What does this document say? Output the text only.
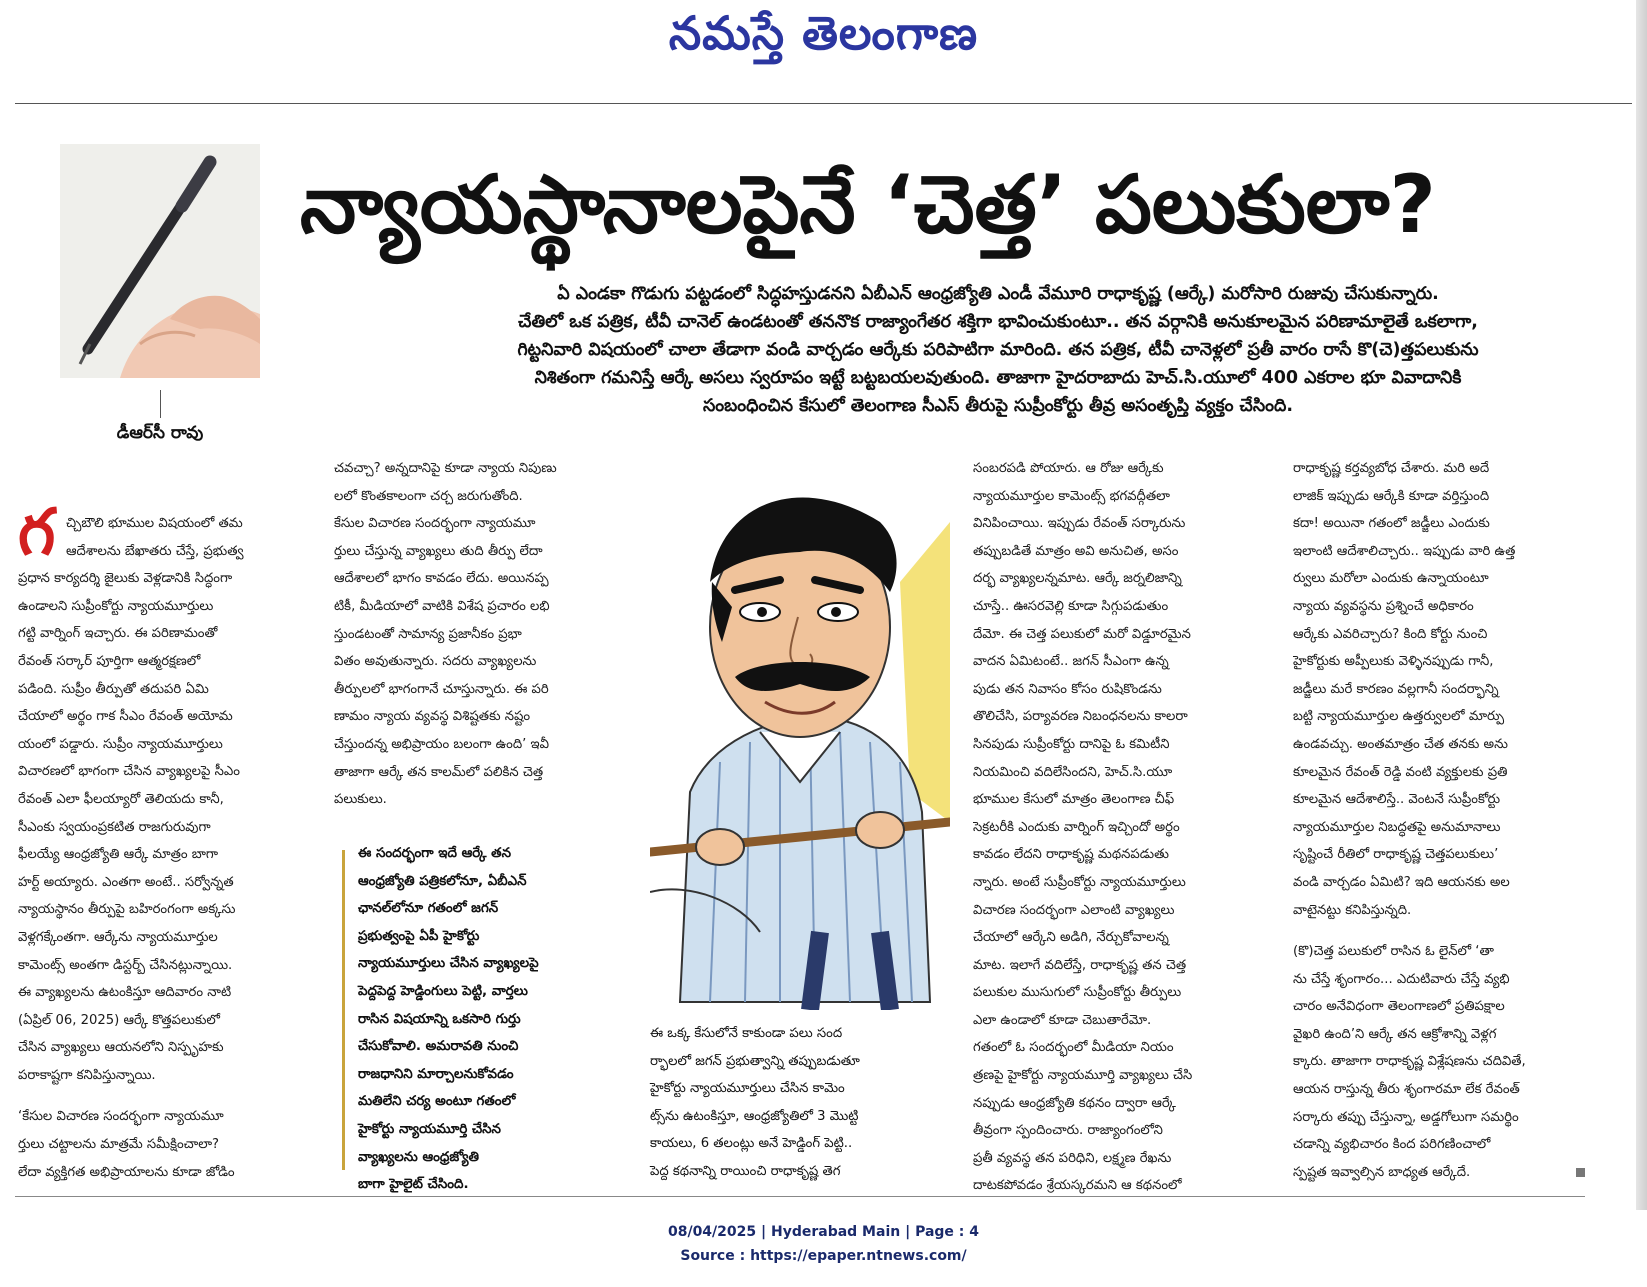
నమస్తే తెలంగాణ
న్యాయస్థానాలపైనే ‘చెత్త’ పలుకులా?
ఏ ఎండకా గొడుగు పట్టడంలో సిద్ధహస్తుడనని ఏబీఎన్ ఆంధ్రజ్యోతి ఎండీ వేమూరి రాధాకృష్ణ (ఆర్కే) మరోసారి రుజువు చేసుకున్నారు.
చేతిలో ఒక పత్రిక, టీవీ చానెల్ ఉండటంతో తననొక రాజ్యాంగేతర శక్తిగా భావించుకుంటూ.. తన వర్గానికి అనుకూలమైన పరిణామాలైతే ఒకలాగా,
గిట్టనివారి విషయంలో చాలా తేడాగా వండి వార్చడం ఆర్కేకు పరిపాటిగా మారింది. తన పత్రిక, టీవీ చానెళ్లలో ప్రతీ వారం రాసే కొ(చె)త్తపలుకును
నిశితంగా గమనిస్తే ఆర్కే అసలు స్వరూపం ఇట్టే బట్టబయలవుతుంది. తాజాగా హైదరాబాదు హెచ్.సి.యూలో 400 ఎకరాల భూ వివాదానికి
సంబంధించిన కేసులో తెలంగాణ సీఎస్ తీరుపై సుప్రీంకోర్టు తీవ్ర అసంతృప్తి వ్యక్తం చేసింది.
డీఆర్‌సీ రావు
గ చ్చిబౌలి భూముల విషయంలో తమ

ఆదేశాలను బేఖాతరు చేస్తే, ప్రభుత్వ

ప్రధాన కార్యదర్శి జైలుకు వెళ్లడానికి సిద్ధంగా

ఉండాలని సుప్రీంకోర్టు న్యాయమూర్తులు

గట్టి వార్నింగ్ ఇచ్చారు. ఈ పరిణామంతో

రేవంత్ సర్కార్ పూర్తిగా ఆత్మరక్షణలో

పడింది. సుప్రీం తీర్పుతో తదుపరి ఏమి

చేయాలో అర్థం గాక సీఎం రేవంత్ అయోమ

యంలో పడ్డారు. సుప్రీం న్యాయమూర్తులు

విచారణలో భాగంగా చేసిన వ్యాఖ్యలపై సీఎం

రేవంత్ ఎలా ఫీలయ్యారో తెలియదు కానీ,

సీఎంకు స్వయంప్రకటిత రాజగురువుగా

ఫీలయ్యే ఆంధ్రజ్యోతి ఆర్కే మాత్రం బాగా

హర్ట్ అయ్యారు. ఎంతగా అంటే.. సర్వోన్నత

న్యాయస్థానం తీర్పుపై బహిరంగంగా అక్కసు

వెళ్లగక్కేంతగా. ఆర్కేను న్యాయమూర్తుల

కామెంట్స్ అంతగా డిస్టర్బ్ చేసినట్లున్నాయి.

ఈ వ్యాఖ్యలను ఉటంకిస్తూ ఆదివారం నాటి

(ఏప్రిల్ 06, 2025) ఆర్కే కొత్తపలుకులో

చేసిన వ్యాఖ్యలు ఆయనలోని నిస్పృహకు

పరాకాష్టగా కనిపిస్తున్నాయి.

‘కేసుల విచారణ సందర్భంగా న్యాయమూ

ర్తులు చట్టాలను మాత్రమే సమీక్షించాలా?

లేదా వ్యక్తిగత అభిప్రాయాలను కూడా జోడిం

చవచ్చా? అన్నదానిపై కూడా న్యాయ నిపుణు

లలో కొంతకాలంగా చర్చ జరుగుతోంది.

కేసుల విచారణ సందర్భంగా న్యాయమూ

ర్తులు చేస్తున్న వ్యాఖ్యలు తుది తీర్పు లేదా

ఆదేశాలలో భాగం కావడం లేదు. అయినప్ప

టికీ, మీడియాలో వాటికి విశేష ప్రచారం లభి

స్తుండటంతో సామాన్య ప్రజానీకం ప్రభా

వితం అవుతున్నారు. సదరు వ్యాఖ్యలను

తీర్పులలో భాగంగానే చూస్తున్నారు. ఈ పరి

ణామం న్యాయ వ్యవస్థ విశిష్టతకు నష్టం

చేస్తుందన్న అభిప్రాయం బలంగా ఉంది’ ఇవీ

తాజాగా ఆర్కే తన కాలమ్‌లో పలికిన చెత్త

పలుకులు.

ఈ సందర్భంగా ఇదే ఆర్కే తన

ఆంధ్రజ్యోతి పత్రికలోనూ, ఏబీఎన్

ఛానల్‌లోనూ గతంలో జగన్

ప్రభుత్వంపై ఏపీ హైకోర్టు

న్యాయమూర్తులు చేసిన వ్యాఖ్యలపై

పెద్దపెద్ద హెడ్డింగులు పెట్టి, వార్తలు

రాసిన విషయాన్ని ఒకసారి గుర్తు

చేసుకోవాలి. అమరావతి నుంచి

రాజధానిని మార్చాలనుకోవడం

మతిలేని చర్య అంటూ గతంలో

హైకోర్టు న్యాయమూర్తి చేసిన

వ్యాఖ్యలను ఆంధ్రజ్యోతి

బాగా హైలైట్ చేసింది.

ఈ ఒక్క కేసులోనే కాకుండా పలు సంద

ర్భాలలో జగన్ ప్రభుత్వాన్ని తప్పుబడుతూ

హైకోర్టు న్యాయమూర్తులు చేసిన కామెం

ట్స్‌ను ఉటంకిస్తూ, ఆంధ్రజ్యోతిలో 3 మొట్టి

కాయలు, 6 తలంట్లు అనే హెడ్డింగ్ పెట్టి..

పెద్ద కథనాన్ని రాయించి రాధాకృష్ణ తెగ

సంబరపడి పోయారు. ఆ రోజు ఆర్కేకు

న్యాయమూర్తుల కామెంట్స్ భగవద్గీతలా

వినిపించాయి. ఇప్పుడు రేవంత్ సర్కారును

తప్పుబడితే మాత్రం అవి అనుచిత, అసం

దర్భ వ్యాఖ్యలన్నమాట. ఆర్కే జర్నలిజాన్ని

చూస్తే.. ఊసరవెల్లి కూడా సిగ్గుపడుతుం

దేమో. ఈ చెత్త పలుకులో మరో విడ్డూరమైన

వాదన ఏమిటంటే.. జగన్ సీఎంగా ఉన్న

పుడు తన నివాసం కోసం రుషికొండను

తొలిచేసి, పర్యావరణ నిబంధనలను కాలరా

సినపుడు సుప్రీంకోర్టు దానిపై ఓ కమిటీని

నియమించి వదిలేసిందని, హెచ్.సి.యూ

భూముల కేసులో మాత్రం తెలంగాణ చీఫ్

సెక్రటరీకి ఎందుకు వార్నింగ్ ఇచ్చిందో అర్థం

కావడం లేదని రాధాకృష్ణ మథనపడుతు

న్నారు. అంటే సుప్రీంకోర్టు న్యాయమూర్తులు

విచారణ సందర్భంగా ఎలాంటి వ్యాఖ్యలు

చేయాలో ఆర్కేని అడిగి, నేర్చుకోవాలన్న

మాట. ఇలాగే వదిలేస్తే, రాధాకృష్ణ తన చెత్త

పలుకుల ముసుగులో సుప్రీంకోర్టు తీర్పులు

ఎలా ఉండాలో కూడా చెబుతారేమో.

గతంలో ఓ సందర్భంలో మీడియా నియం

త్రణపై హైకోర్టు న్యాయమూర్తి వ్యాఖ్యలు చేసి

నప్పుడు ఆంధ్రజ్యోతి కథనం ద్వారా ఆర్కే

తీవ్రంగా స్పందించారు. రాజ్యాంగంలోని

ప్రతీ వ్యవస్థ తన పరిధిని, లక్ష్మణ రేఖను

దాటకపోవడం శ్రేయస్కరమని ఆ కథనంలో

రాధాకృష్ణ కర్తవ్యబోధ చేశారు. మరి అదే

లాజిక్ ఇప్పుడు ఆర్కేకి కూడా వర్తిస్తుంది

కదా! అయినా గతంలో జడ్జీలు ఎందుకు

ఇలాంటి ఆదేశాలిచ్చారు.. ఇప్పుడు వారి ఉత్త

ర్వులు మరోలా ఎందుకు ఉన్నాయంటూ

న్యాయ వ్యవస్థను ప్రశ్నించే అధికారం

ఆర్కేకు ఎవరిచ్చారు? కింది కోర్టు నుంచి

హైకోర్టుకు అప్పీలుకు వెళ్ళినప్పుడు గానీ,

జడ్జీలు మరే కారణం వల్లగానీ సందర్భాన్ని

బట్టి న్యాయమూర్తుల ఉత్తర్వులలో మార్పు

ఉండవచ్చు. అంతమాత్రం చేత తనకు అను

కూలమైన రేవంత్ రెడ్డి వంటి వ్యక్తులకు ప్రతి

కూలమైన ఆదేశాలిస్తే.. వెంటనే సుప్రీంకోర్టు

న్యాయమూర్తుల నిబద్ధతపై అనుమానాలు

సృష్టించే రీతిలో రాధాకృష్ణ చెత్తపలుకులు’

వండి వార్చడం ఏమిటి? ఇది ఆయనకు అల

వాటైనట్టు కనిపిస్తున్నది.

(కొ)చెత్త పలుకులో రాసిన ఓ లైన్‌లో ‘తా

ను చేస్తే శృంగారం... ఎదుటివారు చేస్తే వ్యభి

చారం అనేవిధంగా తెలంగాణలో ప్రతిపక్షాల

వైఖరి ఉంది’ని ఆర్కే తన ఆక్రోశాన్ని వెళ్లగ

క్కారు. తాజాగా రాధాకృష్ణ విశ్లేషణను చదివితే,

ఆయన రాస్తున్న తీరు శృంగారమా లేక రేవంత్

సర్కారు తప్పు చేస్తున్నా, అడ్డగోలుగా సమర్థిం

చడాన్ని వ్యభిచారం కింద పరిగణించాలో

స్పష్టత ఇవ్వాల్సిన బాధ్యత ఆర్కేదే.

08/04/2025 | Hyderabad Main | Page : 4
Source : https://epaper.ntnews.com/
